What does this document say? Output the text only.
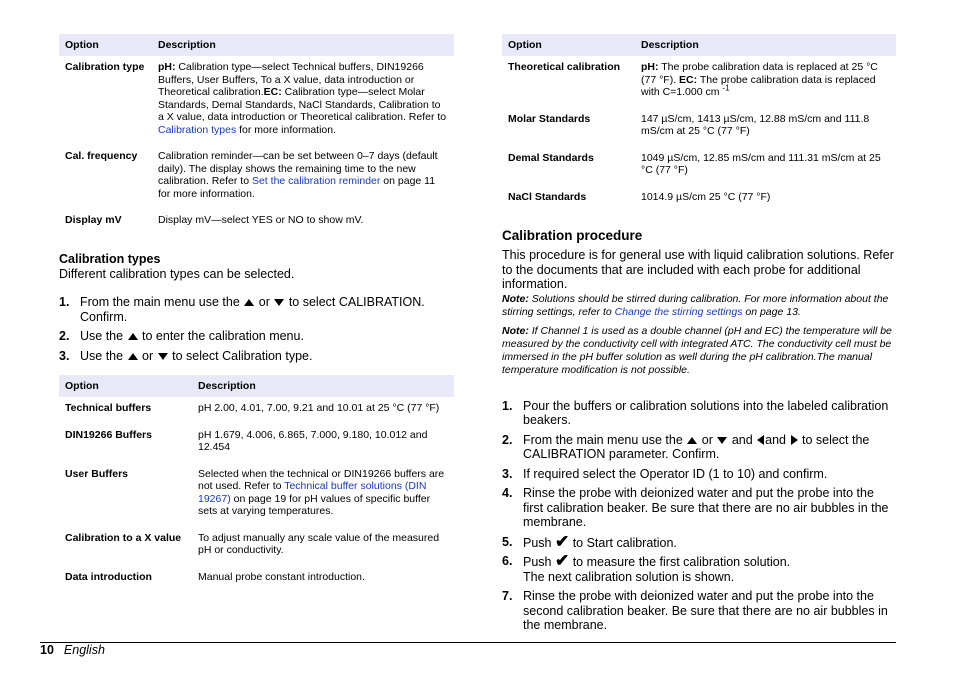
Option	Description
Calibration type	pH: Calibration type—select Technical buffers, DIN19266 Buffers, User Buffers, To a X value, data introduction or Theoretical calibration.EC: Calibration type—select Molar Standards, Demal Standards, NaCl Standards, Calibration to a X value, data introduction or Theoretical calibration. Refer to Calibration types for more information.
Cal. frequency	Calibration reminder—can be set between 0–7 days (default daily). The display shows the remaining time to the new calibration. Refer to Set the calibration reminder on page 11 for more information.
Display mV	Display mV—select YES or NO to show mV.

Calibration types

Different calibration types can be selected.

1. From the main menu use the  or  to select CALIBRATION. Confirm.
2. Use the  to enter the calibration menu.
3. Use the  or  to select Calibration type.
Option	Description
Technical buffers	pH 2.00, 4.01, 7.00, 9.21 and 10.01 at 25 °C (77 °F)
DIN19266 Buffers	pH 1.679, 4.006, 6.865, 7.000, 9.180, 10.012 and 12.454
User Buffers	Selected when the technical or DIN19266 buffers are not used. Refer to Technical buffer solutions (DIN 19267) on page 19 for pH values of specific buffer sets at varying temperatures.
Calibration to a X value	To adjust manually any scale value of the measured pH or conductivity.
Data introduction	Manual probe constant introduction.
Option	Description
Theoretical calibration	pH: The probe calibration data is replaced at 25 °C (77 °F). EC: The probe calibration data is replaced with C=1.000 cm $^{-1}$
Molar Standards	147 µS/cm, 1413 µS/cm, 12.88 mS/cm and 111.8 mS/cm at 25 °C (77 °F)
Demal Standards	1049 µS/cm, 12.85 mS/cm and 111.31 mS/cm at 25 °C (77 °F)
NaCl Standards	1014.9 µS/cm 25 °C (77 °F)

Calibration procedure

This procedure is for general use with liquid calibration solutions. Refer to the documents that are included with each probe for additional information.

Note: Solutions should be stirred during calibration. For more information about the stirring settings, refer to Change the stirring settings on page 13.

Note: If Channel 1 is used as a double channel (pH and EC) the temperature will be measured by the conductivity cell with integrated ATC. The conductivity cell must be immersed in the pH buffer solution as well during the pH calibration.The manual temperature modification is not possible.

1. Pour the buffers or calibration solutions into the labeled calibration beakers.
2. From the main menu use the  or  and and  to select the CALIBRATION parameter. Confirm.
3. If required select the Operator ID (1 to 10) and confirm.
4. Rinse the probe with deionized water and put the probe into the first calibration beaker. Be sure that there are no air bubbles in the membrane.
5. Push ✔ to Start calibration.
6. Push ✔ to measure the first calibration solution.
The next calibration solution is shown.
7. Rinse the probe with deionized water and put the probe into the second calibration beaker. Be sure that there are no air bubbles in the membrane.
10 English
